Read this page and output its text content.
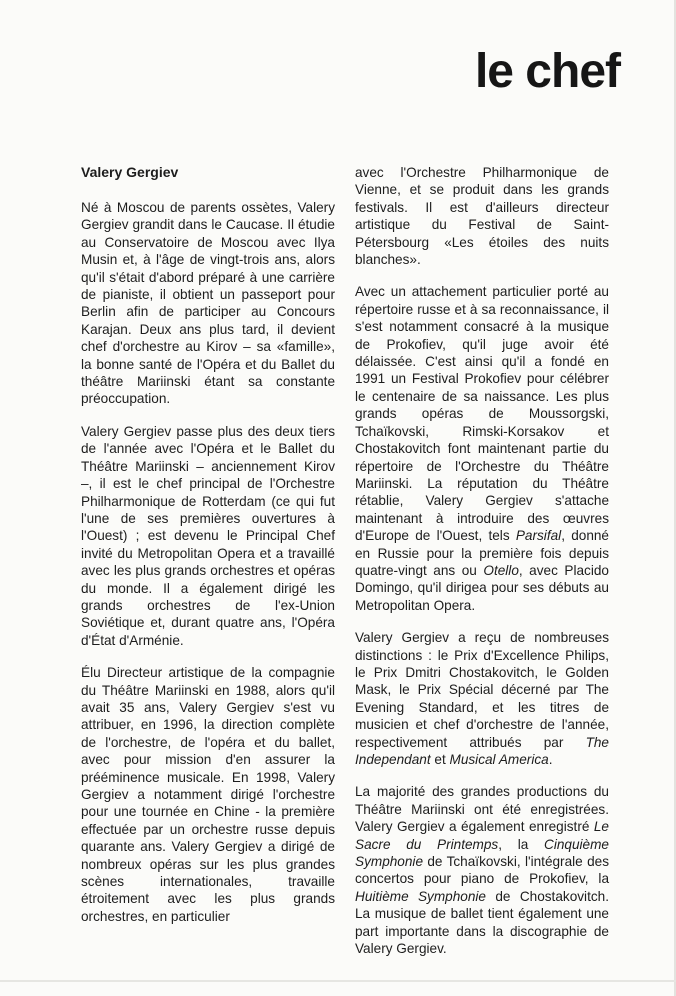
le chef
Valery Gergiev

Né à Moscou de parents ossètes, Valery Gergiev grandit dans le Caucase. Il étudie au Conservatoire de Moscou avec Ilya Musin et, à l'âge de vingt-trois ans, alors qu'il s'était d'abord préparé à une carrière de pianiste, il obtient un passeport pour Berlin afin de participer au Concours Karajan. Deux ans plus tard, il devient chef d'orchestre au Kirov – sa «famille», la bonne santé de l'Opéra et du Ballet du théâtre Mariinski étant sa constante préoccupation.

Valery Gergiev passe plus des deux tiers de l'année avec l'Opéra et le Ballet du Théâtre Mariinski – anciennement Kirov –, il est le chef principal de l'Orchestre Philharmonique de Rotterdam (ce qui fut l'une de ses premières ouvertures à l'Ouest) ; est devenu le Principal Chef invité du Metropolitan Opera et a travaillé avec les plus grands orchestres et opéras du monde. Il a également dirigé les grands orchestres de l'ex-Union Soviétique et, durant quatre ans, l'Opéra d'État d'Arménie.

Élu Directeur artistique de la compagnie du Théâtre Mariinski en 1988, alors qu'il avait 35 ans, Valery Gergiev s'est vu attribuer, en 1996, la direction complète de l'orchestre, de l'opéra et du ballet, avec pour mission d'en assurer la prééminence musicale. En 1998, Valery Gergiev a notamment dirigé l'orchestre pour une tournée en Chine - la première effectuée par un orchestre russe depuis quarante ans. Valery Gergiev a dirigé de nombreux opéras sur les plus grandes scènes internationales, travaille étroitement avec les plus grands orchestres, en particulier

avec l'Orchestre Philharmonique de Vienne, et se produit dans les grands festivals. Il est d'ailleurs directeur artistique du Festival de Saint-Pétersbourg «Les étoiles des nuits blanches».

Avec un attachement particulier porté au répertoire russe et à sa reconnaissance, il s'est notamment consacré à la musique de Prokofiev, qu'il juge avoir été délaissée. C'est ainsi qu'il a fondé en 1991 un Festival Prokofiev pour célébrer le centenaire de sa naissance. Les plus grands opéras de Moussorgski, Tchaïkovski, Rimski-Korsakov et Chostakovitch font maintenant partie du répertoire de l'Orchestre du Théâtre Mariinski. La réputation du Théâtre rétablie, Valery Gergiev s'attache maintenant à introduire des œuvres d'Europe de l'Ouest, tels Parsifal, donné en Russie pour la première fois depuis quatre-vingt ans ou Otello, avec Placido Domingo, qu'il dirigea pour ses débuts au Metropolitan Opera.

Valery Gergiev a reçu de nombreuses distinctions : le Prix d'Excellence Philips, le Prix Dmitri Chostakovitch, le Golden Mask, le Prix Spécial décerné par The Evening Standard, et les titres de musicien et chef d'orchestre de l'année, respectivement attribués par The Independant et Musical America.

La majorité des grandes productions du Théâtre Mariinski ont été enregistrées. Valery Gergiev a également enregistré Le Sacre du Printemps, la Cinquième Symphonie de Tchaïkovski, l'intégrale des concertos pour piano de Prokofiev, la Huitième Symphonie de Chostakovitch. La musique de ballet tient également une part importante dans la discographie de Valery Gergiev.
